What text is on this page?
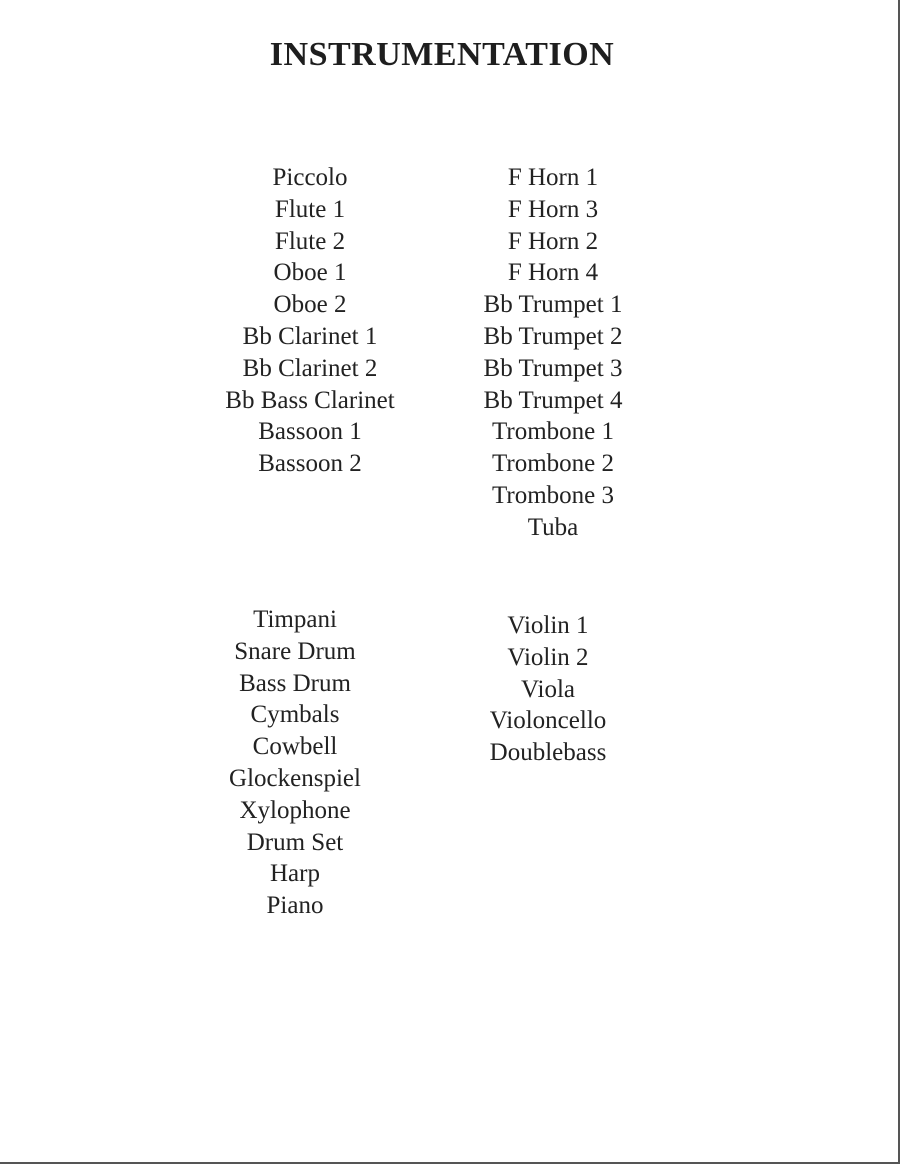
INSTRUMENTATION
Piccolo
Flute 1
Flute 2
Oboe 1
Oboe 2
Bb Clarinet 1
Bb Clarinet 2
Bb Bass Clarinet
Bassoon 1
Bassoon 2
F Horn 1
F Horn 3
F Horn 2
F Horn 4
Bb Trumpet 1
Bb Trumpet 2
Bb Trumpet 3
Bb Trumpet 4
Trombone 1
Trombone 2
Trombone 3
Tuba
Timpani
Snare Drum
Bass Drum
Cymbals
Cowbell
Glockenspiel
Xylophone
Drum Set
Harp
Piano
Violin 1
Violin 2
Viola
Violoncello
Doublebass
